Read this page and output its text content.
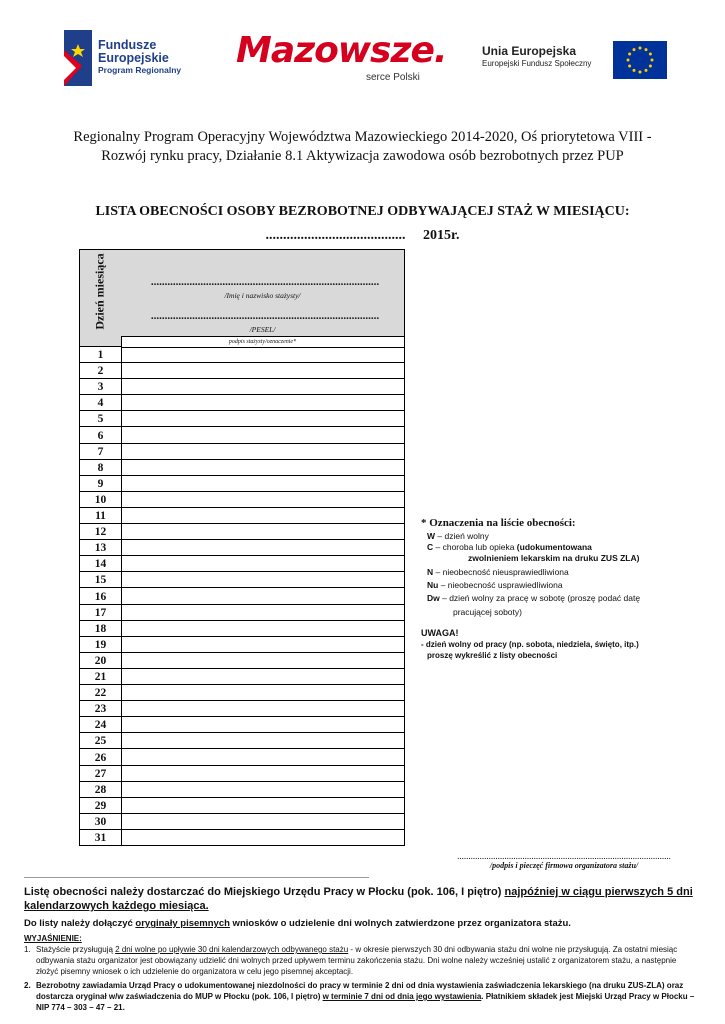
Fundusze
Europejskie
Program Regionalny Mazowsze.
serce Polski
Unia Europejska
Europejski Fundusz Społeczny
Regionalny Program Operacyjny Województwa Mazowieckiego 2014-2020, Oś priorytetowa VIII -
Rozwój rynku pracy, Działanie 8.1 Aktywizacja zawodowa osób bezrobotnych przez PUP
LISTA OBECNOŚCI OSOBY BEZROBOTNEJ ODBYWAJĄCEJ STAŻ W MIESIĄCU:
........................................ 2015r.
Dzień miesiąca	...................................................................................
/Imię i nazwisko stażysty/
...................................................................................
/PESEL/
podpis stażysty/oznaczenie*
1
2
3
4
5
6
7
8
9
10
11
12
13
14
15
16
17
18
19
20
21
22
23
24
25
26
27
28
29
30
31
* Oznaczenia na liście obecności:
W – dzień wolny
C – choroba lub opieka (udokumentowana
zwolnieniem lekarskim na druku ZUS ZLA)
N – nieobecność nieusprawiedliwiona
Nu – nieobecność usprawiedliwiona
Dw – dzień wolny za pracę w sobotę (proszę podać datę
pracującej soboty)
UWAGA!
- dzień wolny od pracy (np. sobota, niedziela, święto, itp.)
proszę wykreślić z listy obecności
...............................................................................................
/podpis i pieczęć firmowa organizatora stażu/
Listę obecności należy dostarczać do Miejskiego Urzędu Pracy w Płocku (pok. 106, I piętro) najpóźniej w ciągu pierwszych 5 dni kalendarzowych każdego miesiąca.
Do listy należy dołączyć oryginały pisemnych wniosków o udzielenie dni wolnych zatwierdzone przez organizatora stażu.
WYJAŚNIENIE:
1. Stażyście przysługują 2 dni wolne po upływie 30 dni kalendarzowych odbywanego stażu - w okresie pierwszych 30 dni odbywania stażu dni wolne nie przysługują. Za ostatni miesiąc odbywania stażu organizator jest obowiązany udzielić dni wolnych przed upływem terminu zakończenia stażu. Dni wolne należy wcześniej ustalić z organizatorem stażu, a następnie złożyć pisemny wniosek o ich udzielenie do organizatora w celu jego pisemnej akceptacji.
2. Bezrobotny zawiadamia Urząd Pracy o udokumentowanej niezdolności do pracy w terminie 2 dni od dnia wystawienia zaświadczenia lekarskiego (na druku ZUS-ZLA) oraz dostarcza oryginał w/w zaświadczenia do MUP w Płocku (pok. 106, I piętro) w terminie 7 dni od dnia jego wystawienia. Płatnikiem składek jest Miejski Urząd Pracy w Płocku – NIP 774 – 303 – 47 – 21.
